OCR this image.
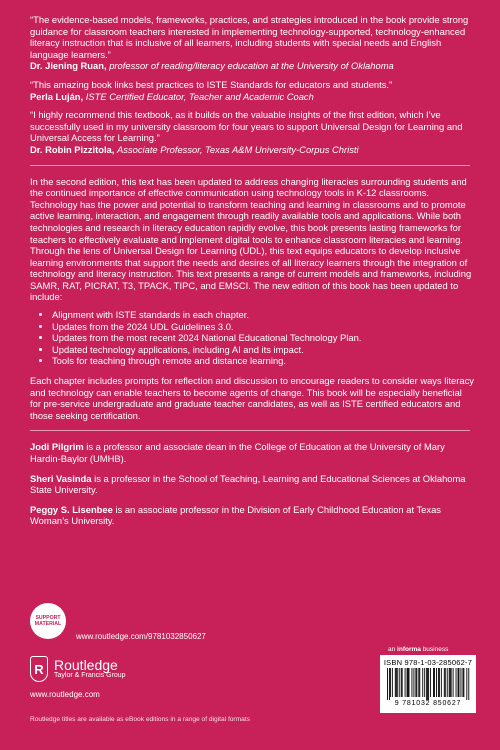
“The evidence-based models, frameworks, practices, and strategies introduced in the book provide strong guidance for classroom teachers interested in implementing technology-supported, technology-enhanced literacy instruction that is inclusive of all learners, including students with special needs and English language learners.”
Dr. Jiening Ruan, professor of reading/literacy education at the University of Oklahoma
“This amazing book links best practices to ISTE Standards for educators and students.”
Perla Luján, ISTE Certified Educator, Teacher and Academic Coach
“I highly recommend this textbook, as it builds on the valuable insights of the first edition, which I’ve successfully used in my university classroom for four years to support Universal Design for Learning and Universal Access for Learning.”
Dr. Robin Pizzitola, Associate Professor, Texas A&M University-Corpus Christi
In the second edition, this text has been updated to address changing literacies surrounding students and the continued importance of effective communication using technology tools in K-12 classrooms. Technology has the power and potential to transform teaching and learning in classrooms and to promote active learning, interaction, and engagement through readily available tools and applications. While both technologies and research in literacy education rapidly evolve, this book presents lasting frameworks for teachers to effectively evaluate and implement digital tools to enhance classroom literacies and learning. Through the lens of Universal Design for Learning (UDL), this text equips educators to develop inclusive learning environments that support the needs and desires of all literacy learners through the integration of technology and literacy instruction. This text presents a range of current models and frameworks, including SAMR, RAT, PICRAT, T3, TPACK, TIPC, and EMSCI. The new edition of this book has been updated to include:
• Alignment with ISTE standards in each chapter.
• Updates from the 2024 UDL Guidelines 3.0.
• Updates from the most recent 2024 National Educational Technology Plan.
• Updated technology applications, including AI and its impact.
• Tools for teaching through remote and distance learning.
Each chapter includes prompts for reflection and discussion to encourage readers to consider ways literacy and technology can enable teachers to become agents of change. This book will be especially beneficial for pre-service undergraduate and graduate teacher candidates, as well as ISTE certified educators and those seeking certification.
Jodi Pilgrim is a professor and associate dean in the College of Education at the University of Mary Hardin-Baylor (UMHB).
Sheri Vasinda is a professor in the School of Teaching, Learning and Educational Sciences at Oklahoma State University.
Peggy S. Lisenbee is an associate professor in the Division of Early Childhood Education at Texas Woman’s University.
SUPPORT MATERIAL
www.routledge.com/9781032850627
R Routledge
Taylor & Francis Group
www.routledge.com
Routledge titles are available as eBook editions in a range of digital formats
an informa business
ISBN 978-1-03-285062-7
9 781032 850627
